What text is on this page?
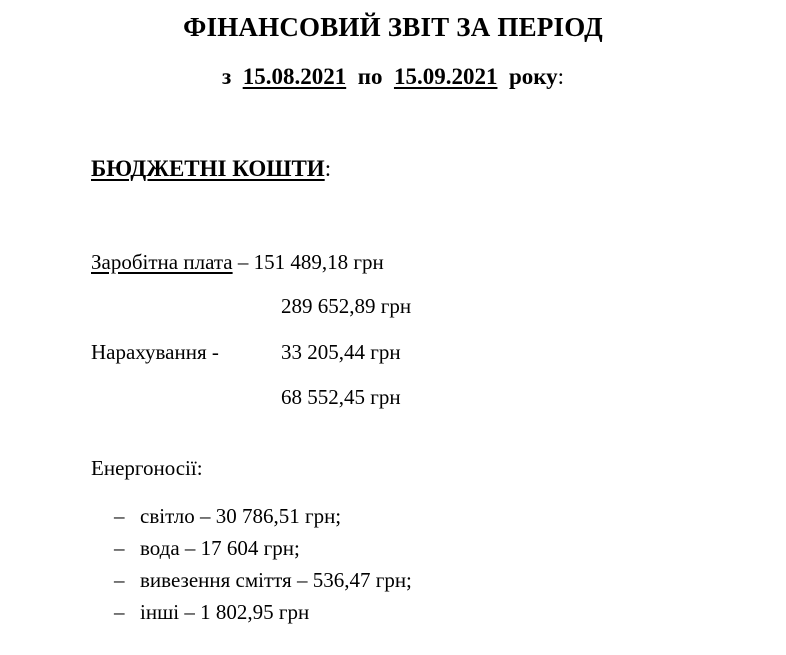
ФІНАНСОВИЙ ЗВІТ ЗА ПЕРІОД
з 15.08.2021 по 15.09.2021 року:
БЮДЖЕТНІ КОШТИ:
Заробітна плата – 151 489,18 грн
289 652,89 грн
Нарахування -	33 205,44 грн
68 552,45 грн
Енергоносії:
– світло – 30 786,51 грн;
– вода – 17 604 грн;
– вивезення сміття – 536,47 грн;
– інші – 1 802,95 грн
